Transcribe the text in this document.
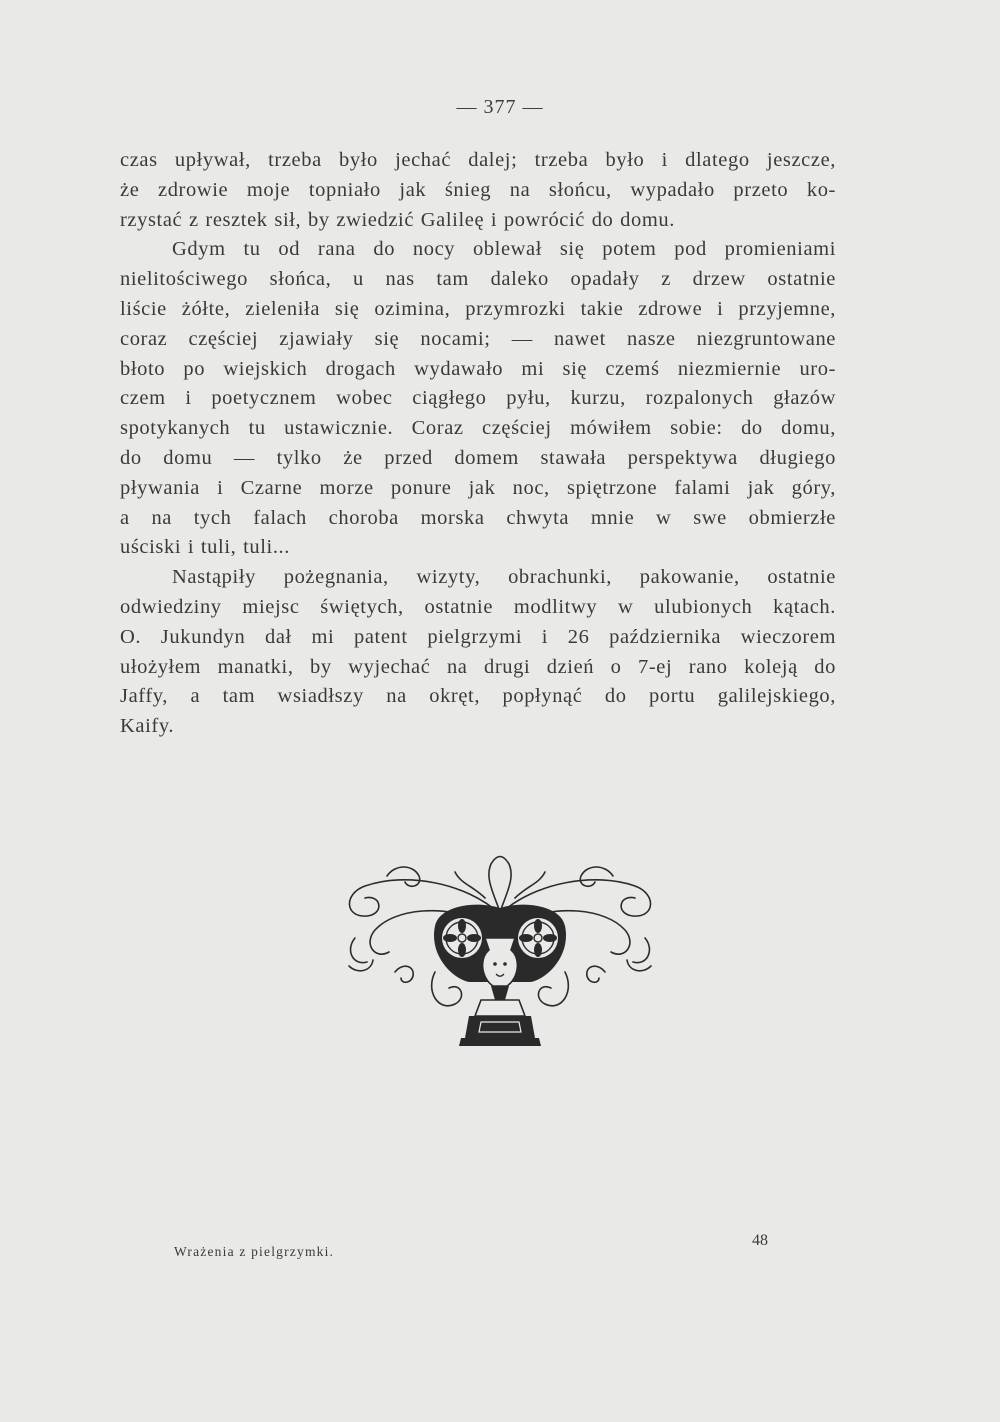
— 377 —
czas upływał, trzeba było jechać dalej; trzeba było i dlatego jeszcze,
że zdrowie moje topniało jak śnieg na słońcu, wypadało przeto ko-
rzystać z resztek sił, by zwiedzić Galileę i powrócić do domu.
Gdym tu od rana do nocy oblewał się potem pod promieniami
nielitościwego słońca, u nas tam daleko opadały z drzew ostatnie
liście żółte, zieleniła się ozimina, przymrozki takie zdrowe i przyjemne,
coraz częściej zjawiały się nocami; — nawet nasze niezgruntowane
błoto po wiejskich drogach wydawało mi się czemś niezmiernie uro-
czem i poetycznem wobec ciągłego pyłu, kurzu, rozpalonych głazów
spotykanych tu ustawicznie. Coraz częściej mówiłem sobie: do domu,
do domu — tylko że przed domem stawała perspektywa długiego
pływania i Czarne morze ponure jak noc, spiętrzone falami jak góry,
a na tych falach choroba morska chwyta mnie w swe obmierzłe
uściski i tuli, tuli...
Nastąpiły pożegnania, wizyty, obrachunki, pakowanie, ostatnie
odwiedziny miejsc świętych, ostatnie modlitwy w ulubionych kątach.
O. Jukundyn dał mi patent pielgrzymi i 26 października wieczorem
ułożyłem manatki, by wyjechać na drugi dzień o 7-ej rano koleją do
Jaffy, a tam wsiadłszy na okręt, popłynąć do portu galilejskiego,
Kaify.
Wrażenia z pielgrzymki.
48
